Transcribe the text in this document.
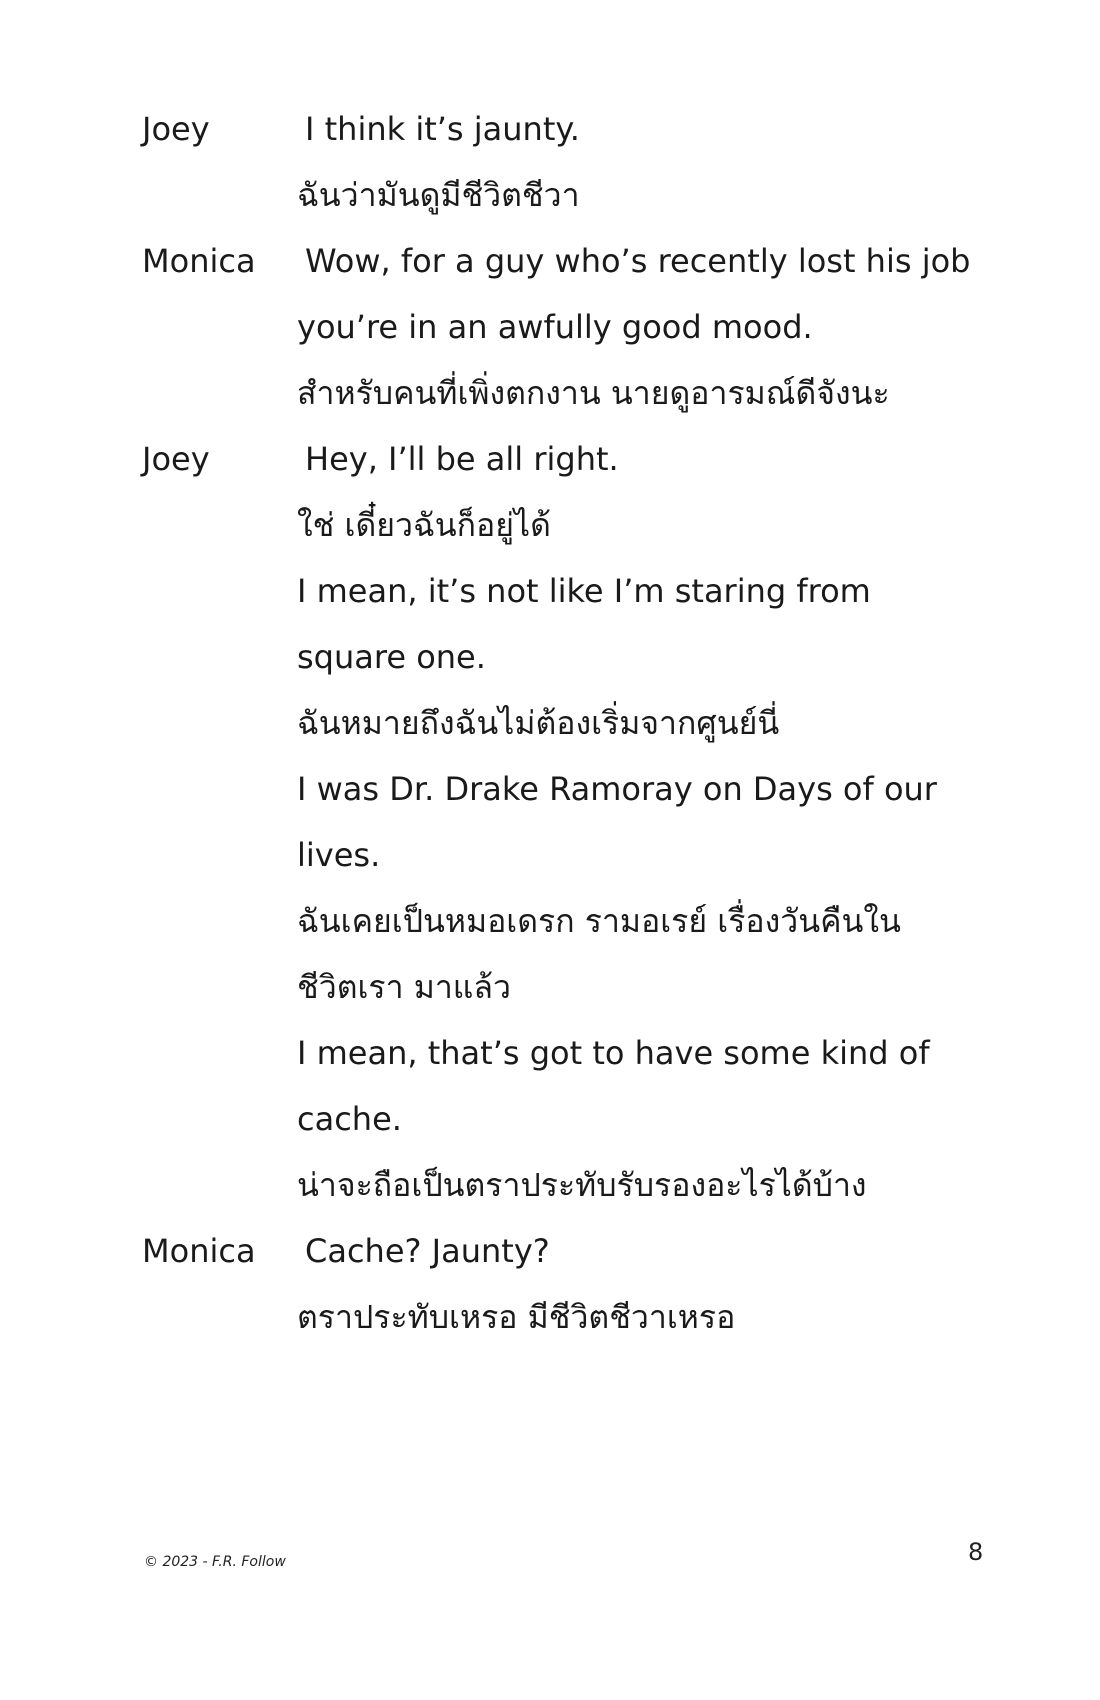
Joey	I think it’s jaunty.
ฉันว่ามันดูมีชีวิตชีวา
Monica	Wow, for a guy who’s recently lost his job
you’re in an awfully good mood.
สำหรับคนที่เพิ่งตกงาน นายดูอารมณ์ดีจังนะ
Joey	Hey, I’ll be all right.
ใช่ เดี๋ยวฉันก็อยู่ได้
I mean, it’s not like I’m staring from
square one.
ฉันหมายถึงฉันไม่ต้องเริ่มจากศูนย์นี่
I was Dr. Drake Ramoray on Days of our
lives.
ฉันเคยเป็นหมอเดรก รามอเรย์ เรื่องวันคืนใน
ชีวิตเรา มาแล้ว
I mean, that’s got to have some kind of
cache.
น่าจะถือเป็นตราประทับรับรองอะไรได้บ้าง
Monica	Cache? Jaunty?
ตราประทับเหรอ มีชีวิตชีวาเหรอ
© 2023 - F.R. Follow	8
